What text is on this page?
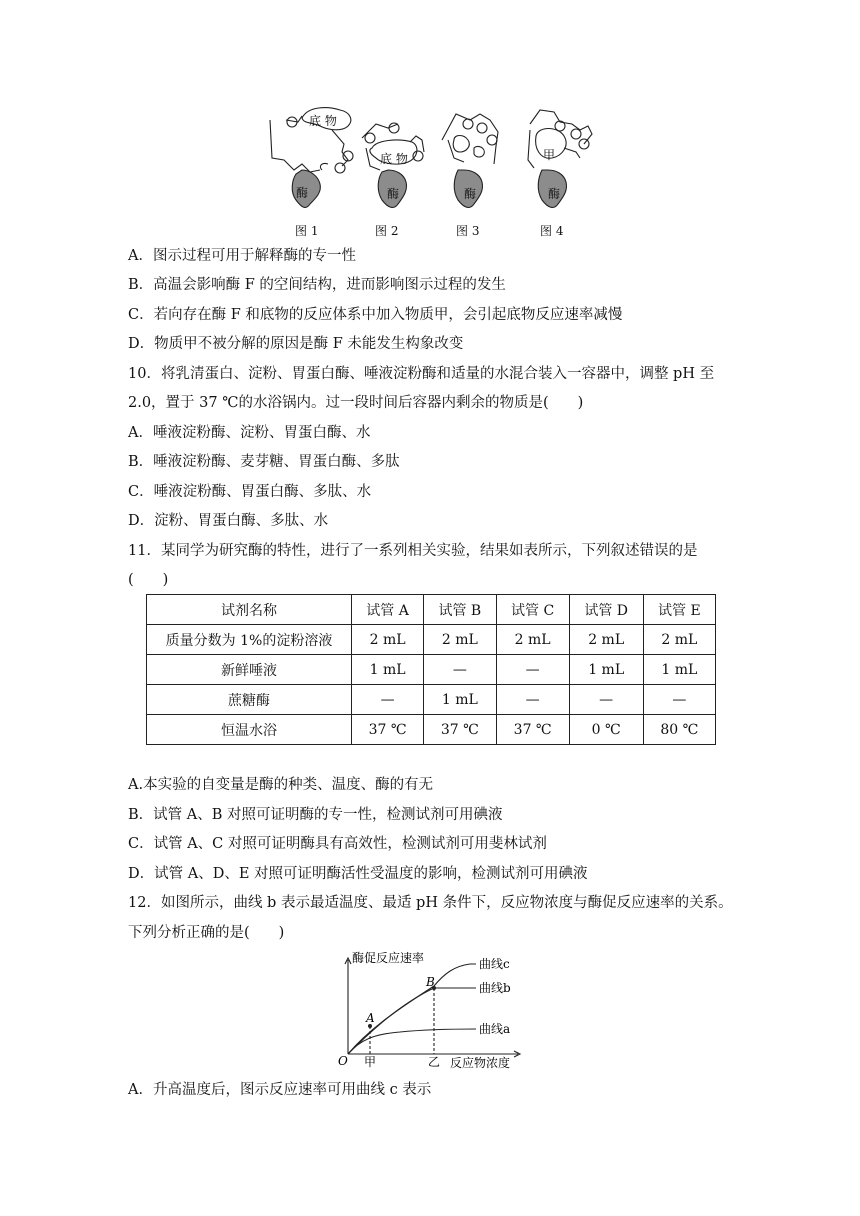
底 物
酶
底 物
酶	酶
甲
酶
图 1	图 2	图 3	图 4
A．图示过程可用于解释酶的专一性
B．高温会影响酶 F 的空间结构，进而影响图示过程的发生
C．若向存在酶 F 和底物的反应体系中加入物质甲，会引起底物反应速率减慢
D．物质甲不被分解的原因是酶 F 未能发生构象改变
10．将乳清蛋白、淀粉、胃蛋白酶、唾液淀粉酶和适量的水混合装入一容器中，调整 pH 至
2.0，置于 37 ℃的水浴锅内。过一段时间后容器内剩余的物质是(　　)
A．唾液淀粉酶、淀粉、胃蛋白酶、水
B．唾液淀粉酶、麦芽糖、胃蛋白酶、多肽
C．唾液淀粉酶、胃蛋白酶、多肽、水
D．淀粉、胃蛋白酶、多肽、水
11．某同学为研究酶的特性，进行了一系列相关实验，结果如表所示，下列叙述错误的是
(　　)
试剂名称	试管 A	试管 B	试管 C	试管 D	试管 E
质量分数为 1%的淀粉溶液	2 mL	2 mL	2 mL	2 mL	2 mL
新鲜唾液	1 mL	—	—	1 mL	1 mL
蔗糖酶	—	1 mL	—	—	—
恒温水浴	37 ℃	37 ℃	37 ℃	0 ℃	80 ℃
A.本实验的自变量是酶的种类、温度、酶的有无
B．试管 A、B 对照可证明酶的专一性，检测试剂可用碘液
C．试管 A、C 对照可证明酶具有高效性，检测试剂可用斐林试剂
D．试管 A、D、E 对照可证明酶活性受温度的影响，检测试剂可用碘液
12．如图所示，曲线 b 表示最适温度、最适 pH 条件下，反应物浓度与酶促反应速率的关系。
下列分析正确的是(　　)
酶促反应速率
A
B
曲线c
曲线b
曲线a
O 甲	乙 反应物浓度
A．升高温度后，图示反应速率可用曲线 c 表示
